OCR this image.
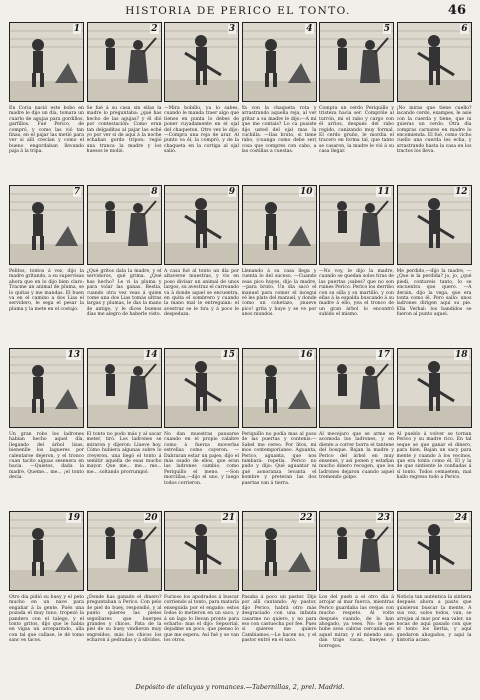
HISTORIA DE PERICO EL TONTO.	46
1
En Coria nació este bobo en madre le dijo un día, tomara un cuarto de agujas para gordillos, garfillos. Fué Perico, de compró, y como las vió tan finas, en el pajar las metió para ver si allí crecían y como el bueno engordaban llevando paja á la tripa.
2
Se fué á su casa sin ellas la madre lo preguntaba: ¿qué has hecho de las agujas? y él dió por contestación: Como eran tan delgaditas al pajar las eché yo por ver si de aquí á la noche echaban gordo tripon: regió una tranca la madre y los huesos le molió.
3
—Mira bobillo, ya lo sabes, cuando le manda traer algo que tienes en punta lo debes de poner cuyadamente en el ojal del chaqueton. Otro vez le dijo:—Compra una reja de arar. Al punto va él, la compró, y de la chaqueta en la cortiga al ojal salió.
4
Ya con la chaqueta rota y arrastrando aquella reja, al ver gritar a su madre le dijo:—A mí que me contais? Lo ca pusiste dijo usted del ojal mas la cuchilla. —Ilas bruto, si tiene rabo, (cuanga como debe ser) cosa que compres con cabo, a las costillas a cuestas.
5
Compra un cerdo Periquillo y tristeza hacia ser. Compróle al turrón, mi el rabo y cargo con él arrios, después del rabo regido, canizando muy formal. El cerdo gruño, le mordia el tracero en forma tal, que tanto se casaron, la madre le vió á su casa llegar.
6
¡No miras que tiene cuello? lacando cerdo, exampes, le asie con la cuerda y tiene, que ni quieras un cerdo. Otra día compras carnares en madre lo encomienda. El fué, como vicho cuello una cuerda les echa, y arrastrando hasta la casa en los tractos los lleva.
7
Pelitos, tontos á vez, dijo la madre gritando, a su supervisas ahora que en lo dijo bien claro: Tracme un animal de pluma, se lo quitas y me mandas. El buen va en el camino a dos Lias el servidero, le sega el pesar la pluma y la mete en el costajo.
8
¿Qué gritos dala la madre, y el servidoros, qué grima. ¿Qué has hecho? Le vi la pluma y para volar las ganas. Bestia, cuando otra vez veas á quien come una dos Lias tomás ultras largas y plumas, le das la mano de antigo, y le dices buenos días me alegro de haberle visto.
9
A casa fué al tonto un día por altaverse muestras, y vio en poso divisar un animal de unos largos, su avestruz el carreando va á donde aquel se encuentra, en quita el sombrero y cuando la mano mal le entreguian: el avestruz se le tira y á poco le despedaza.
10
Llenando á su casa llega y cuenta lo del suceso. —Cuando veas pico huyes, dijo la madre,—para bruto. Un día sacó el manuel para comer el incegui vé les plats del manuel, y donde como un cohetazo, ¡mueve pico! grita y huye y se ve por unos mundos.
11
—No voy, le dijo la madre, cuando se quedan solos tiras de las puertas ¡sabes? que no son ruines Perico. Perico los derribo con su silla y su martillo, y con ellas á la espalda buscando á su madre á ello, yea el tronco de un gran árbol lo encontró subido el mismo.
12
Me perdido,—dijo la madre, —¿Que is la perdida? jo, jo, ¿qué piedi, contareis tanto, lo se encuentra que quero. —A derain, dijo la vega, que era tonta como él. Pero sallo: unos ladrones dirigen aquí su pie. Ella Verbal: los bandidos se fueron al punto aquel.
13
Un gran robo los ladrones habían hecho aquel día, llegando del árbol lisas, bienenlle los lagueres por calentarse dejeron, y el tronco cuan tacito alguas sesenera en hacia. —Quietos, dada la madre, Queme... me... ¡el tonto decía.
14
El tonto no podo más y al sacar meter, tiró. Los ladrones se miraron y dijeron: Llueve hoy. Cómo hubiera algunas sobre lo creyeron, una llegó el tonto á semitir aquella de esas mucho mayor. Que me... me... me... me... soltando prorrumpió.
15
No dan muestras pausarse cuando en el propio calabre como á fuerza moverlas estrellas como cayeron. —Dabraran estar un pajes, dijo el más osado de ellos, que eran las ladrones cambio, como Periquillo el meno. —Son morcillas,—dijo el uno, y luego todos corrieron.
16
Periquillo no podía mas al poso de las puertas y contenis:—Sabel me cereo. Por litos, mi moo contemporíaneo. Aguanta, Perico, aguanta, que nos tumbará: repetía. Perico no pudo y dijo: Qué aguantar ni qué aonoranza levanta el hombre y preteran las dos puertas van á tierra.
17
Al mecejaro que se arme se acomoda los ladrones, y en diente a correr borra el tantene del bosque. Bajan la madre y Perico del árbol en muy ensenes, y así ponen y estafian mucho dinero recogen, que los ladrones dejaron cuando aquel tremendo golpe.
18
Al pueblo á volver se tornan Perico y su madre rico. En tal seque se que ganar el dinero, para bien. Bajan un sacy para mente y cuando á los vecinos, que era tonta como él. El y la de que sintiente le confiadas á sí tonto. Todos cemaetem, mal hallo regreso todo a Perico.
19
Otro dia pidió su buey y el peto mucho en un nave para engañar á la gente. Pués una pozada el muy tuno, tropezó la pandero con el talego, y el tonto gritos, dijo que le había en vigas un arceparindo, alla con tal que callase, le dé tomo sanc es tacos.
20
¿Donde has ganado el dinero? preguntaban a Perico. Con pelo de piel do buey, respondió, y al punto quieres las pieles segoiliares que buerpes grandes y chicos. Pata de la piel de su buey vindieron muy engreídos, más los chicos los echaron á pedradas y á silvidos.
21
Furioso los apodrados á buscar corriendo al tonto, para mataría enseguida por el engaño: estos Iodos lo metieron en un saco, y á un lago lo llevan pronto para echarlo: mas el dijo: Sepsorial, dejadme un poco, que pienso lo que me espera. Así fué y se van los otros.
22
Pasaba á poco un pastor. Dijo por allí cantando: Ay pastor, dijo Perico, habrá otro más desgraciado con una infanta casarme no quiero, y no para eso con castuecha por fee. Pues si quieres me quiero Cambiamos.—Le hacen no, y el pastor entró en el saco.
23
Los del pueb a el otro día á arrojar al mar fuerca, mientras Perico guardaba las ovejas con mucho respeto. Al volte después cuando, de lo han ahogado, ya vees. No: le que hube aves cabras cercanías en aquel mirar, y el miendo uno, dan traje vacas, bueyes y borregos.
24
Noticia tan auténtica la sintiera después ahora a pauto que quisieron buscar la mente. A sus vez, solos todos, van, se arrojan al mar por esa valer, un bocas de aquí pasado con que el tonto los llertia, y aquí quedaron ahogados, y aquí la historia acaso.
Depósito de aleluyas y romances.—Tabernillas, 2, prel. Madrid.
